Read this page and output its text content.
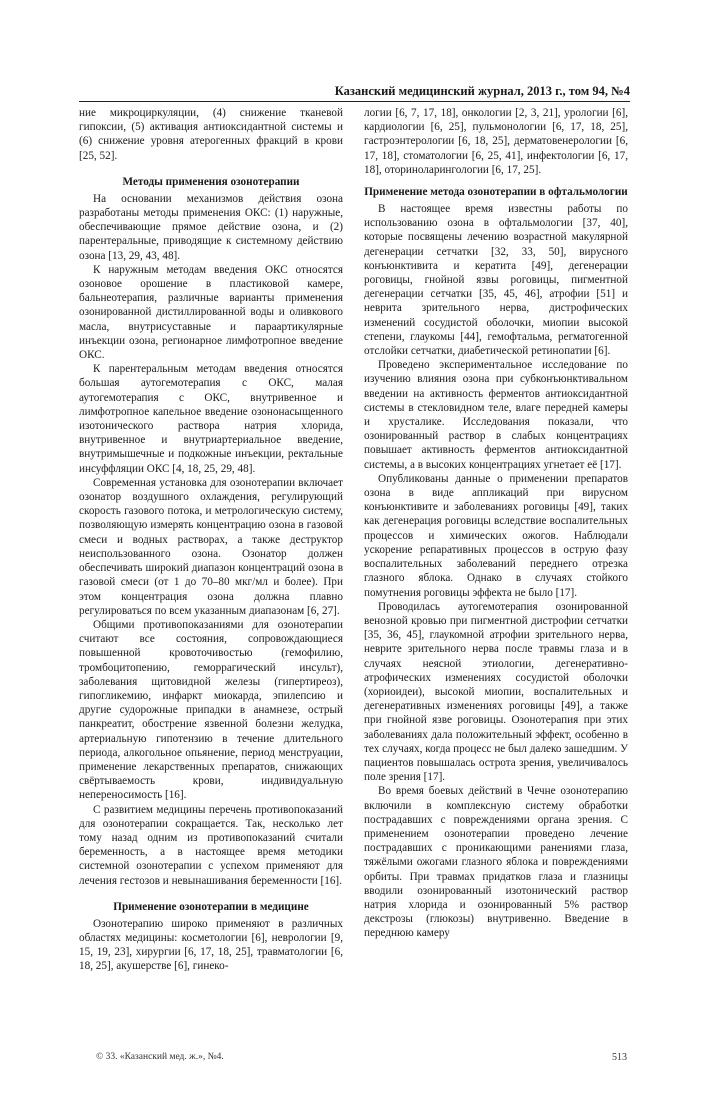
Казанский медицинский журнал, 2013 г., том 94, №4

ние микроциркуляции, (4) снижение тканевой гипоксии, (5) активация антиоксидантной системы и (6) снижение уровня атерогенных фракций в крови [25, 52].

Методы применения озонотерапии

На основании механизмов действия озона разработаны методы применения ОКС: (1) наружные, обеспечивающие прямое действие озона, и (2) парентеральные, приводящие к системному действию озона [13, 29, 43, 48].

К наружным методам введения ОКС относятся озоновое орошение в пластиковой камере, бальнеотерапия, различные варианты применения озонированной дистиллированной воды и оливкового масла, внутрисуставные и параартикулярные инъекции озона, регионарное лимфотропное введение ОКС.

К парентеральным методам введения относятся большая аутогемотерапия с ОКС, малая аутогемотерапия с ОКС, внутривенное и лимфотропное капельное введение озононасыщенного изотонического раствора натрия хлорида, внутривенное и внутриартериальное введение, внутримышечные и подкожные инъекции, ректальные инсуффляции ОКС [4, 18, 25, 29, 48].

Современная установка для озонотерапии включает озонатор воздушного охлаждения, регулирующий скорость газового потока, и метрологическую систему, позволяющую измерять концентрацию озона в газовой смеси и водных растворах, а также деструктор неиспользованного озона. Озонатор должен обеспечивать широкий диапазон концентраций озона в газовой смеси (от 1 до 70–80 мкг/мл и более). При этом концентрация озона должна плавно регулироваться по всем указанным диапазонам [6, 27].

Общими противопоказаниями для озонотерапии считают все состояния, сопровождающиеся повышенной кровоточивостью (гемофилию, тромбоцитопению, геморрагический инсульт), заболевания щитовидной железы (гипертиреоз), гипогликемию, инфаркт миокарда, эпилепсию и другие судорожные припадки в анамнезе, острый панкреатит, обострение язвенной болезни желудка, артериальную гипотензию в течение длительного периода, алкогольное опьянение, период менструации, применение лекарственных препаратов, снижающих свёртываемость крови, индивидуальную непереносимость [16].

С развитием медицины перечень противопоказаний для озонотерапии сокращается. Так, несколько лет тому назад одним из противопоказаний считали беременность, а в настоящее время методики системной озонотерапии с успехом применяют для лечения гестозов и невынашивания беременности [16].

Применение озонотерапии в медицине

Озонотерапию широко применяют в различных областях медицины: косметологии [6], неврологии [9, 15, 19, 23], хирургии [6, 17, 18, 25], травматологии [6, 18, 25], акушерстве [6], гинеко-

логии [6, 7, 17, 18], онкологии [2, 3, 21], урологии [6], кардиологии [6, 25], пульмонологии [6, 17, 18, 25], гастроэнтерологии [6, 18, 25], дерматовенерологии [6, 17, 18], стоматологии [6, 25, 41], инфектологии [6, 17, 18], оториноларингологии [6, 17, 25].

Применение метода озонотерапии в офтальмологии

В настоящее время известны работы по использованию озона в офтальмологии [37, 40], которые посвящены лечению возрастной макулярной дегенерации сетчатки [32, 33, 50], вирусного конъюнктивита и кератита [49], дегенерации роговицы, гнойной язвы роговицы, пигментной дегенерации сетчатки [35, 45, 46], атрофии [51] и неврита зрительного нерва, дистрофических изменений сосудистой оболочки, миопии высокой степени, глаукомы [44], гемофтальма, регматогенной отслойки сетчатки, диабетической ретинопатии [6].

Проведено экспериментальное исследование по изучению влияния озона при субконъюнктивальном введении на активность ферментов антиоксидантной системы в стекловидном теле, влаге передней камеры и хрусталике. Исследования показали, что озонированный раствор в слабых концентрациях повышает активность ферментов антиоксидантной системы, а в высоких концентрациях угнетает её [17].

Опубликованы данные о применении препаратов озона в виде аппликаций при вирусном конъюнктивите и заболеваниях роговицы [49], таких как дегенерация роговицы вследствие воспалительных процессов и химических ожогов. Наблюдали ускорение репаративных процессов в острую фазу воспалительных заболеваний переднего отрезка глазного яблока. Однако в случаях стойкого помутнения роговицы эффекта не было [17].

Проводилась аутогемотерапия озонированной венозной кровью при пигментной дистрофии сетчатки [35, 36, 45], глаукомной атрофии зрительного нерва, неврите зрительного нерва после травмы глаза и в случаях неясной этиологии, дегенеративно-атрофических изменениях сосудистой оболочки (хориоидеи), высокой миопии, воспалительных и дегенеративных изменениях роговицы [49], а также при гнойной язве роговицы. Озонотерапия при этих заболеваниях дала положительный эффект, особенно в тех случаях, когда процесс не был далеко зашедшим. У пациентов повышалась острота зрения, увеличивалось поле зрения [17].

Во время боевых действий в Чечне озонотерапию включили в комплексную систему обработки пострадавших с повреждениями органа зрения. С применением озонотерапии проведено лечение пострадавших с проникающими ранениями глаза, тяжёлыми ожогами глазного яблока и повреждениями орбиты. При травмах придатков глаза и глазницы вводили озонированный изотонический раствор натрия хлорида и озонированный 5% раствор декстрозы (глюкозы) внутривенно. Введение в переднюю камеру

© 33. «Казанский мед. ж.», №4.	513
